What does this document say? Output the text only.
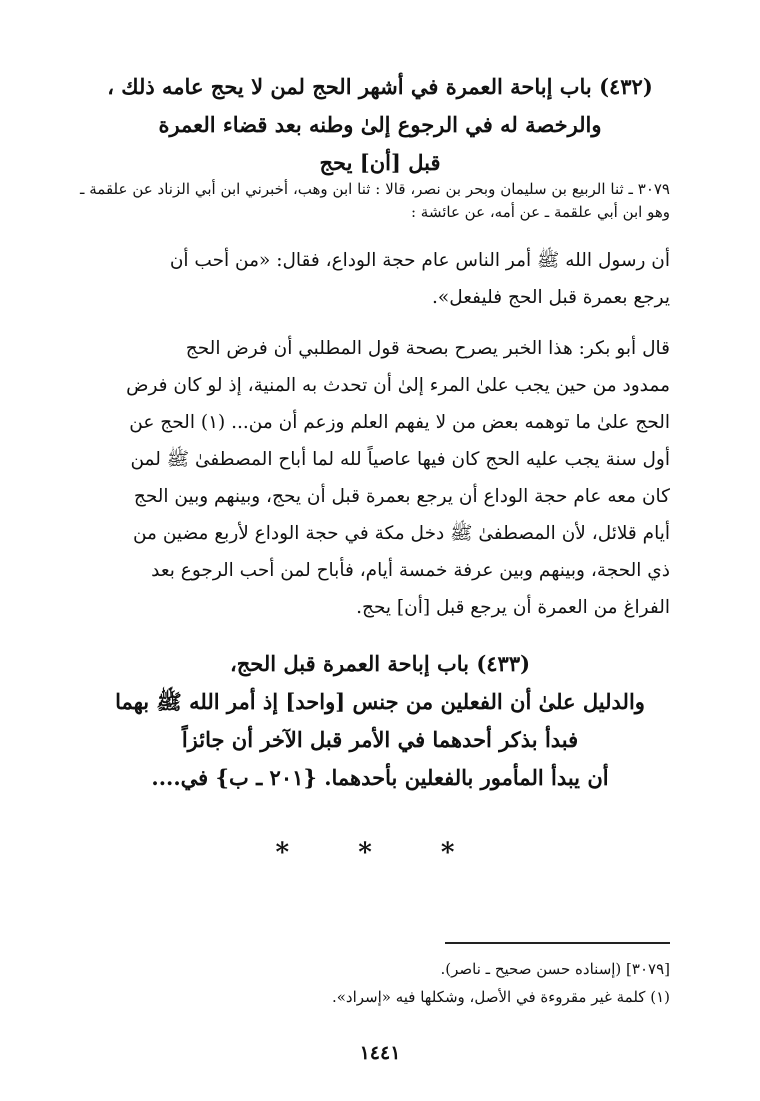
(٤٣٢) باب إباحة العمرة في أشهر الحج لمن لا يحج عامه ذلك ،
والرخصة له في الرجوع إلىٰ وطنه بعد قضاء العمرة
قبل [أن] يحج

٣٠٧٩ ـ ثنا الربيع بن سليمان وبحر بن نصر، قالا : ثنا ابن وهب، أخبرني ابن أبي الزناد عن علقمة ـ وهو ابن أبي علقمة ـ عن أمه، عن عائشة :

أن رسول الله ﷺ أمر الناس عام حجة الوداع، فقال: «من أحب أن
يرجع بعمرة قبل الحج فليفعل».

قال أبو بكر: هذا الخبر يصرح بصحة قول المطلبي أن فرض الحج
ممدود من حين يجب علىٰ المرء إلىٰ أن تحدث به المنية، إذ لو كان فرض
الحج علىٰ ما توهمه بعض من لا يفهم العلم وزعم أن من... (١) الحج عن
أول سنة يجب عليه الحج كان فيها عاصياً لله لما أباح المصطفىٰ ﷺ لمن
كان معه عام حجة الوداع أن يرجع بعمرة قبل أن يحج، وبينهم وبين الحج
أيام قلائل، لأن المصطفىٰ ﷺ دخل مكة في حجة الوداع لأربع مضين من
ذي الحجة، وبينهم وبين عرفة خمسة أيام، فأباح لمن أحب الرجوع بعد
الفراغ من العمرة أن يرجع قبل [أن] يحج.

(٤٣٣) باب إباحة العمرة قبل الحج،
والدليل علىٰ أن الفعلين من جنس [واحد] إذ أمر الله ﷺ بهما
فبدأ بذكر أحدهما في الأمر قبل الآخر أن جائزاً
أن يبدأ المأمور بالفعلين بأحدهما. {٢٠١ ـ ب} في....
* * *
[٣٠٧٩] (إسناده حسن صحيح ـ ناصر).
(١) كلمة غير مقروءة في الأصل، وشكلها فيه «إسراد».
١٤٤١
